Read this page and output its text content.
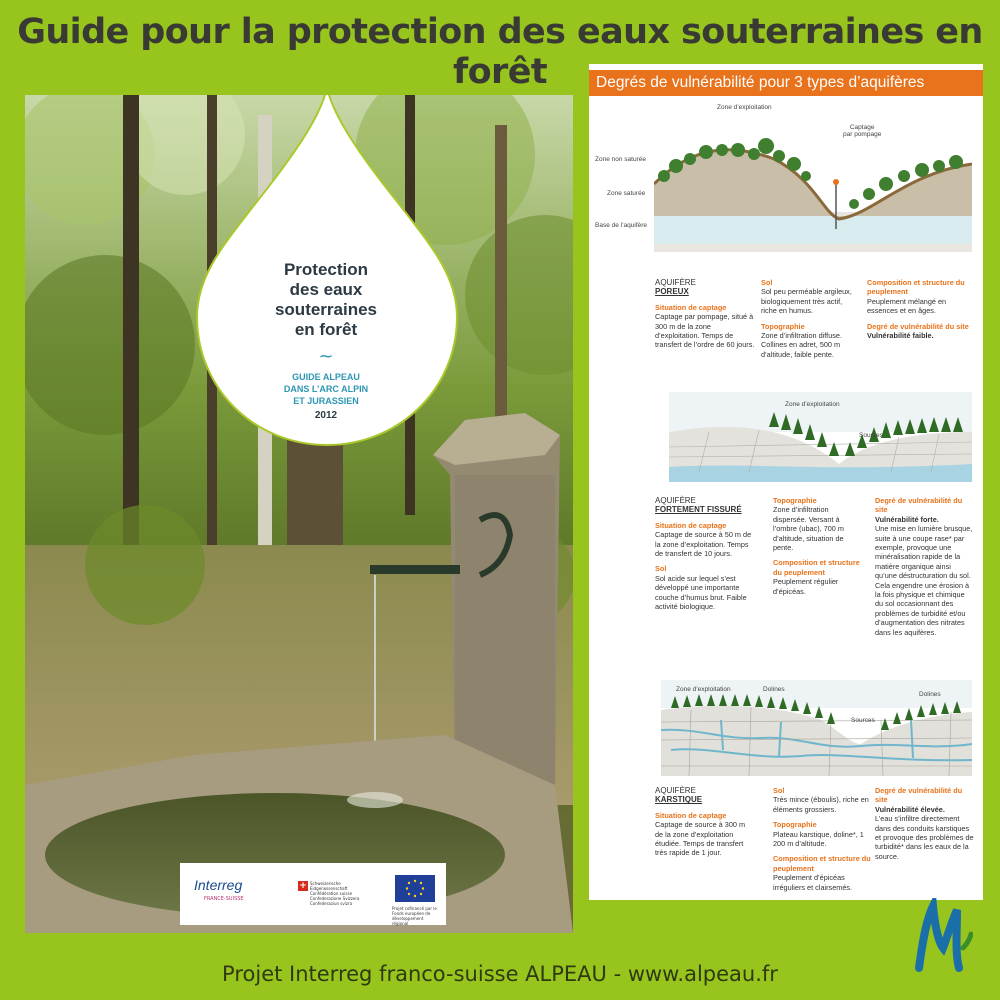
Guide pour la protection des eaux souterraines en forêt
Protection
des eaux
souterraines
en forêt
~
GUIDE ALPEAU
DANS L’ARC ALPIN
ET JURASSIEN
2012
Interreg
FRANCE-SUISSE
+ Schweizerische Eidgenossenschaft Confédération suisse Confederazione Svizzera Confederaziun svizra
Projet cofinancé par le Fonds européen de développement régional
Degrés de vulnérabilité pour 3 types d’aquifères
Zone d’exploitation
Captage
par pompage
Zone non saturée
Zone saturée
Base de l’aquifère

AQUIFÈRE
POREUX

Situation de captage
Captage par pompage, situé à 300 m de la zone d’exploitation. Temps de transfert de l’ordre de 60 jours.

Sol
Sol peu perméable argileux, biologiquement très actif, riche en humus.

Topographie
Zone d’infiltration diffuse. Collines en adret, 500 m d’altitude, faible pente.

Composition et structure du peuplement
Peuplement mélangé en essences et en âges.

Degré de vulnérabilité du site
Vulnérabilité faible.

Zone d’exploitation
Sources

AQUIFÈRE
FORTEMENT FISSURÉ

Situation de captage
Captage de source à 50 m de la zone d’exploitation. Temps de transfert de 10 jours.

Sol
Sol acide sur lequel s’est développé une importante couche d’humus brut. Faible activité biologique.

Topographie
Zone d’infiltration dispersée. Versant à l’ombre (ubac), 700 m d’altitude, situation de pente.

Composition et structure du peuplement
Peuplement régulier d’épicéas.

Degré de vulnérabilité du site
Vulnérabilité forte.
Une mise en lumière brusque, suite à une coupe rase* par exemple, provoque une minéralisation rapide de la matière organique ainsi qu’une déstructuration du sol. Cela engendre une érosion à la fois physique et chimique du sol occasionnant des problèmes de turbidité et/ou d’augmentation des nitrates dans les aquifères.

Zone d’exploitation	Dolines
Dolines
Sources

AQUIFÈRE
KARSTIQUE

Situation de captage
Captage de source à 300 m de la zone d’exploitation étudiée. Temps de transfert très rapide de 1 jour.

Sol
Très mince (éboulis), riche en éléments grossiers.

Topographie
Plateau karstique, doline*, 1 200 m d’altitude.

Composition et structure du peuplement
Peuplement d’épicéas irréguliers et clairsemés.

Degré de vulnérabilité du site
Vulnérabilité élevée.
L’eau s’infiltre directement dans des conduits karstiques et provoque des problèmes de turbidité* dans les eaux de la source.

Projet Interreg franco-suisse ALPEAU - www.alpeau.fr
